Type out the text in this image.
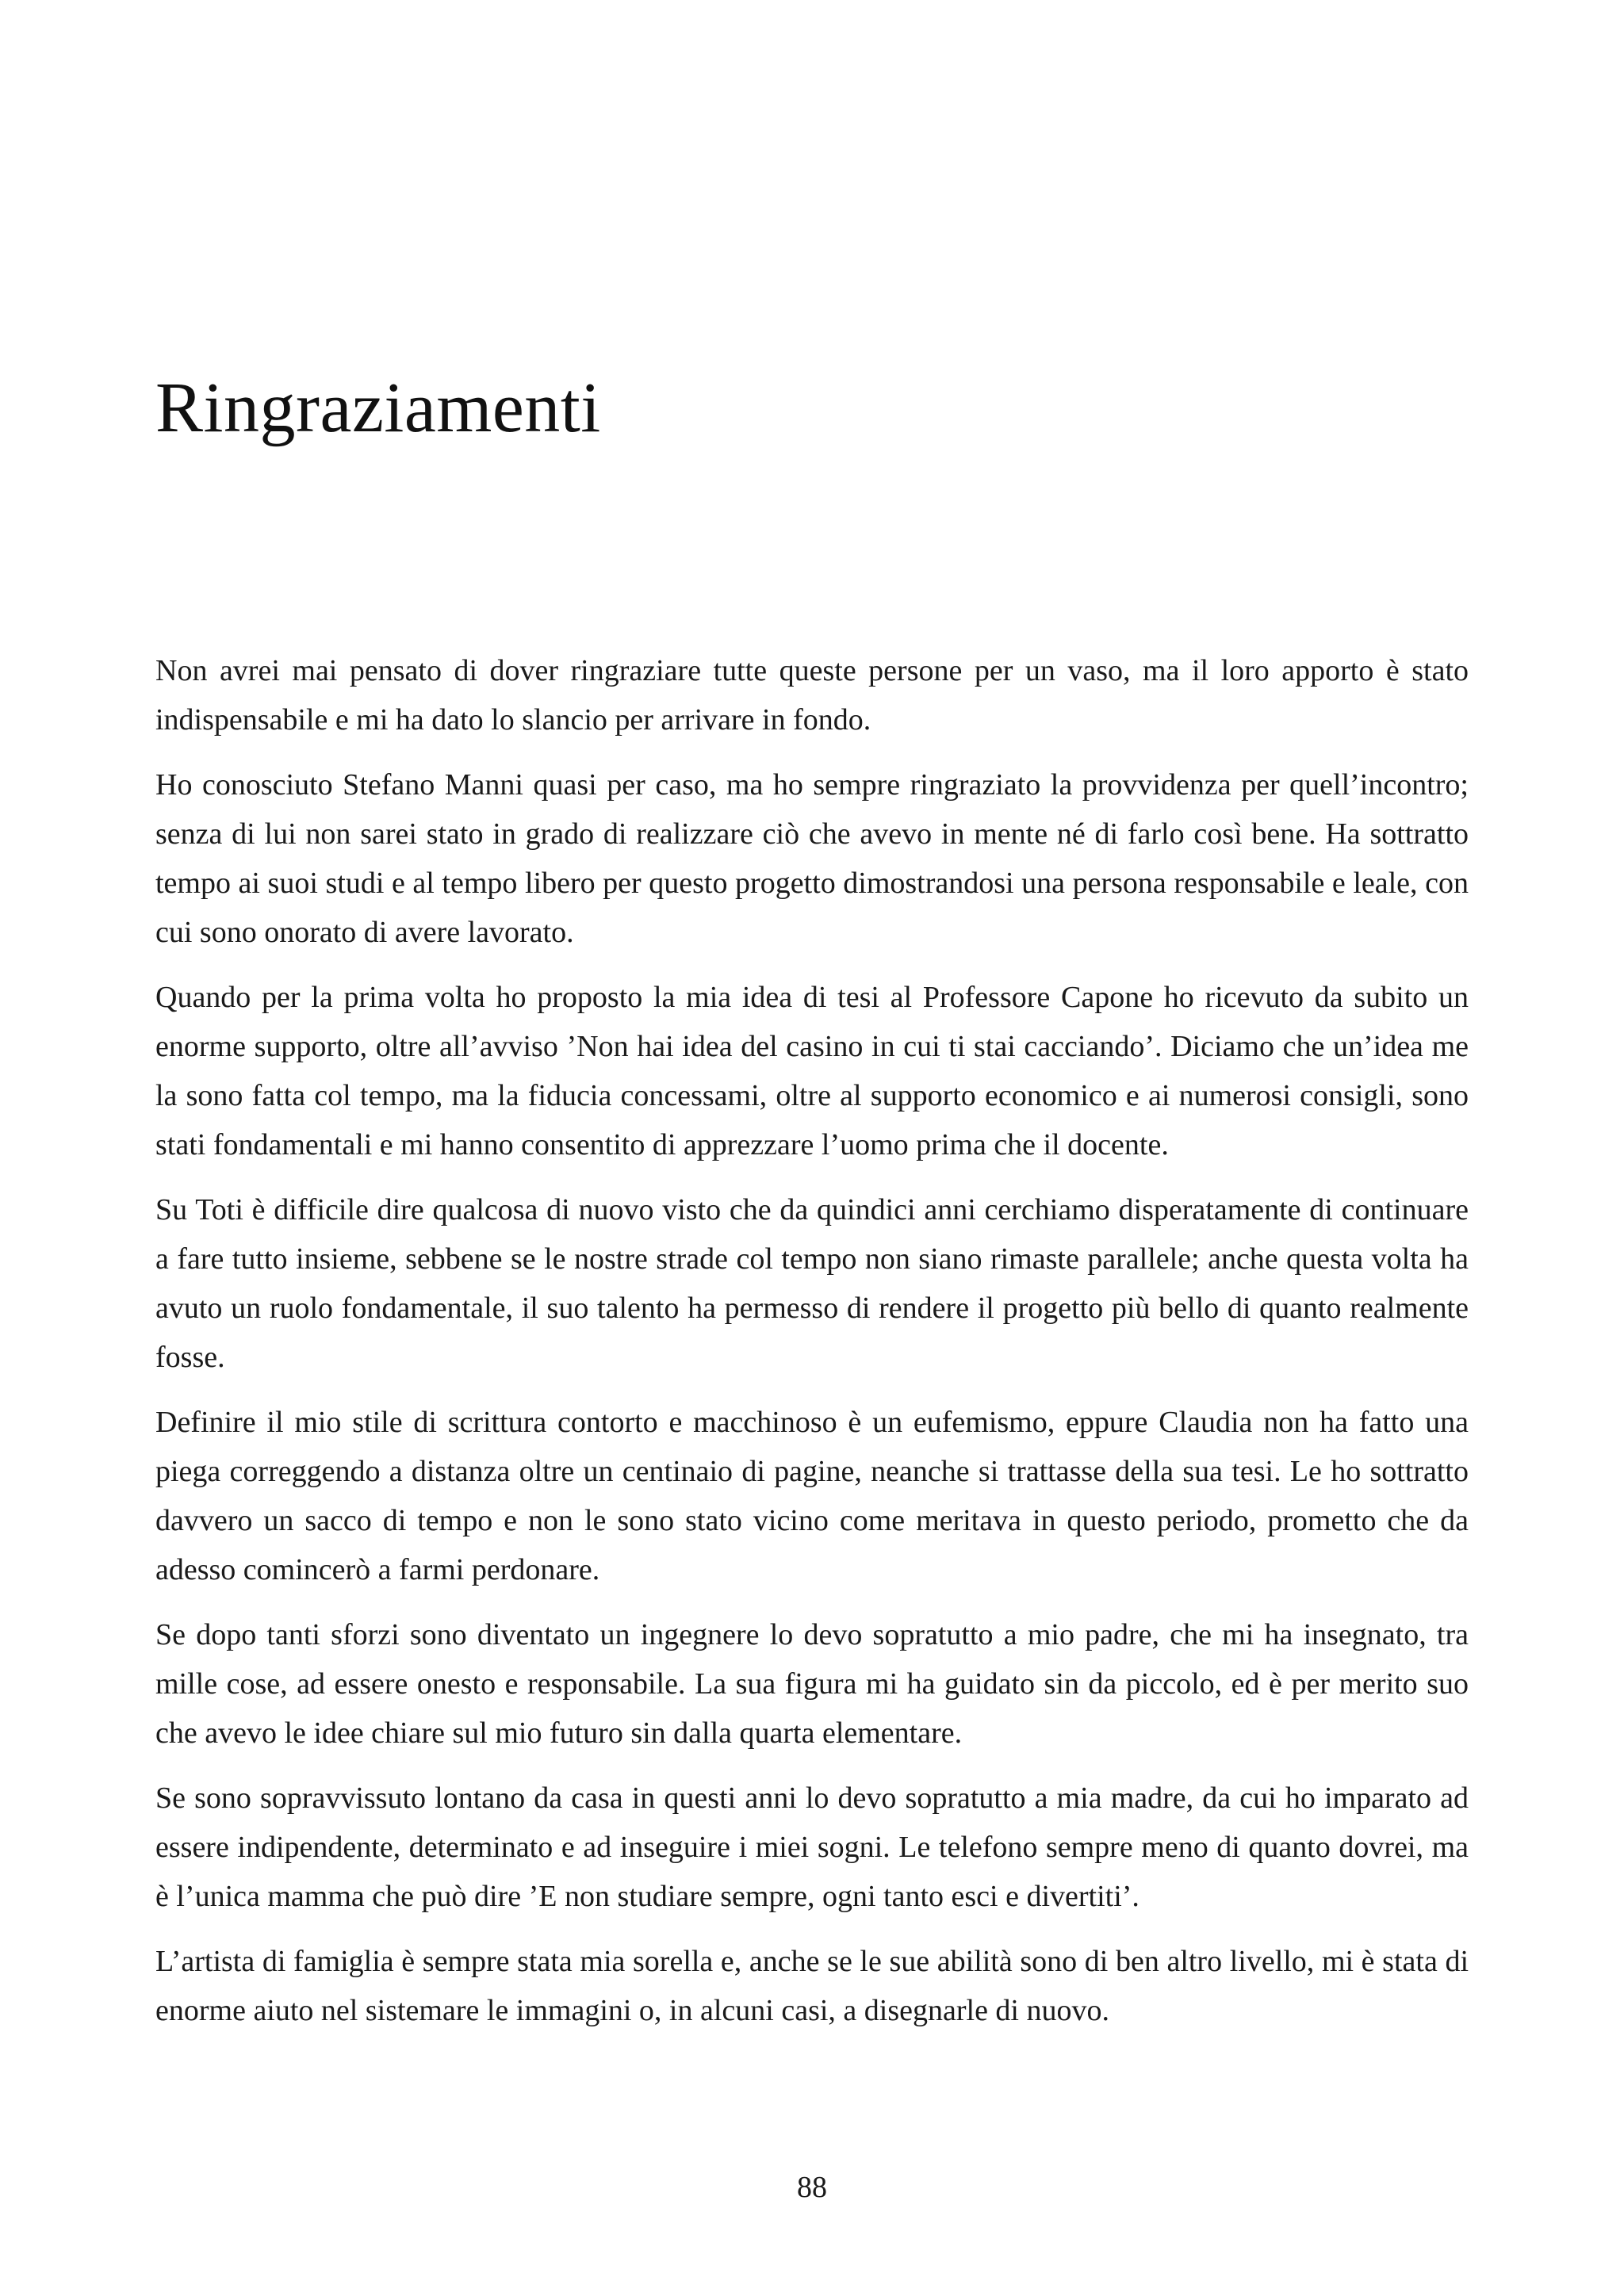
Ringraziamenti

Non avrei mai pensato di dover ringraziare tutte queste persone per un vaso, ma il loro apporto è stato indispensabile e mi ha dato lo slancio per arrivare in fondo.

Ho conosciuto Stefano Manni quasi per caso, ma ho sempre ringraziato la provvidenza per quell’incontro; senza di lui non sarei stato in grado di realizzare ciò che avevo in mente né di farlo così bene. Ha sottratto tempo ai suoi studi e al tempo libero per questo progetto dimostrandosi una persona responsabile e leale, con cui sono onorato di avere lavorato.

Quando per la prima volta ho proposto la mia idea di tesi al Professore Capone ho ricevuto da subito un enorme supporto, oltre all’avviso ’Non hai idea del casino in cui ti stai cacciando’. Diciamo che un’idea me la sono fatta col tempo, ma la fiducia concessami, oltre al supporto economico e ai numerosi consigli, sono stati fondamentali e mi hanno consentito di apprezzare l’uomo prima che il docente.

Su Toti è difficile dire qualcosa di nuovo visto che da quindici anni cerchiamo disperatamente di continuare a fare tutto insieme, sebbene se le nostre strade col tempo non siano rimaste parallele; anche questa volta ha avuto un ruolo fondamentale, il suo talento ha permesso di rendere il progetto più bello di quanto realmente fosse.

Definire il mio stile di scrittura contorto e macchinoso è un eufemismo, eppure Claudia non ha fatto una piega correggendo a distanza oltre un centinaio di pagine, neanche si trattasse della sua tesi. Le ho sottratto davvero un sacco di tempo e non le sono stato vicino come meritava in questo periodo, prometto che da adesso comincerò a farmi perdonare.

Se dopo tanti sforzi sono diventato un ingegnere lo devo sopratutto a mio padre, che mi ha insegnato, tra mille cose, ad essere onesto e responsabile. La sua figura mi ha guidato sin da piccolo, ed è per merito suo che avevo le idee chiare sul mio futuro sin dalla quarta elementare.

Se sono sopravvissuto lontano da casa in questi anni lo devo sopratutto a mia madre, da cui ho imparato ad essere indipendente, determinato e ad inseguire i miei sogni. Le telefono sempre meno di quanto dovrei, ma è l’unica mamma che può dire ’E non studiare sempre, ogni tanto esci e divertiti’.

L’artista di famiglia è sempre stata mia sorella e, anche se le sue abilità sono di ben altro livello, mi è stata di enorme aiuto nel sistemare le immagini o, in alcuni casi, a disegnarle di nuovo.

88
